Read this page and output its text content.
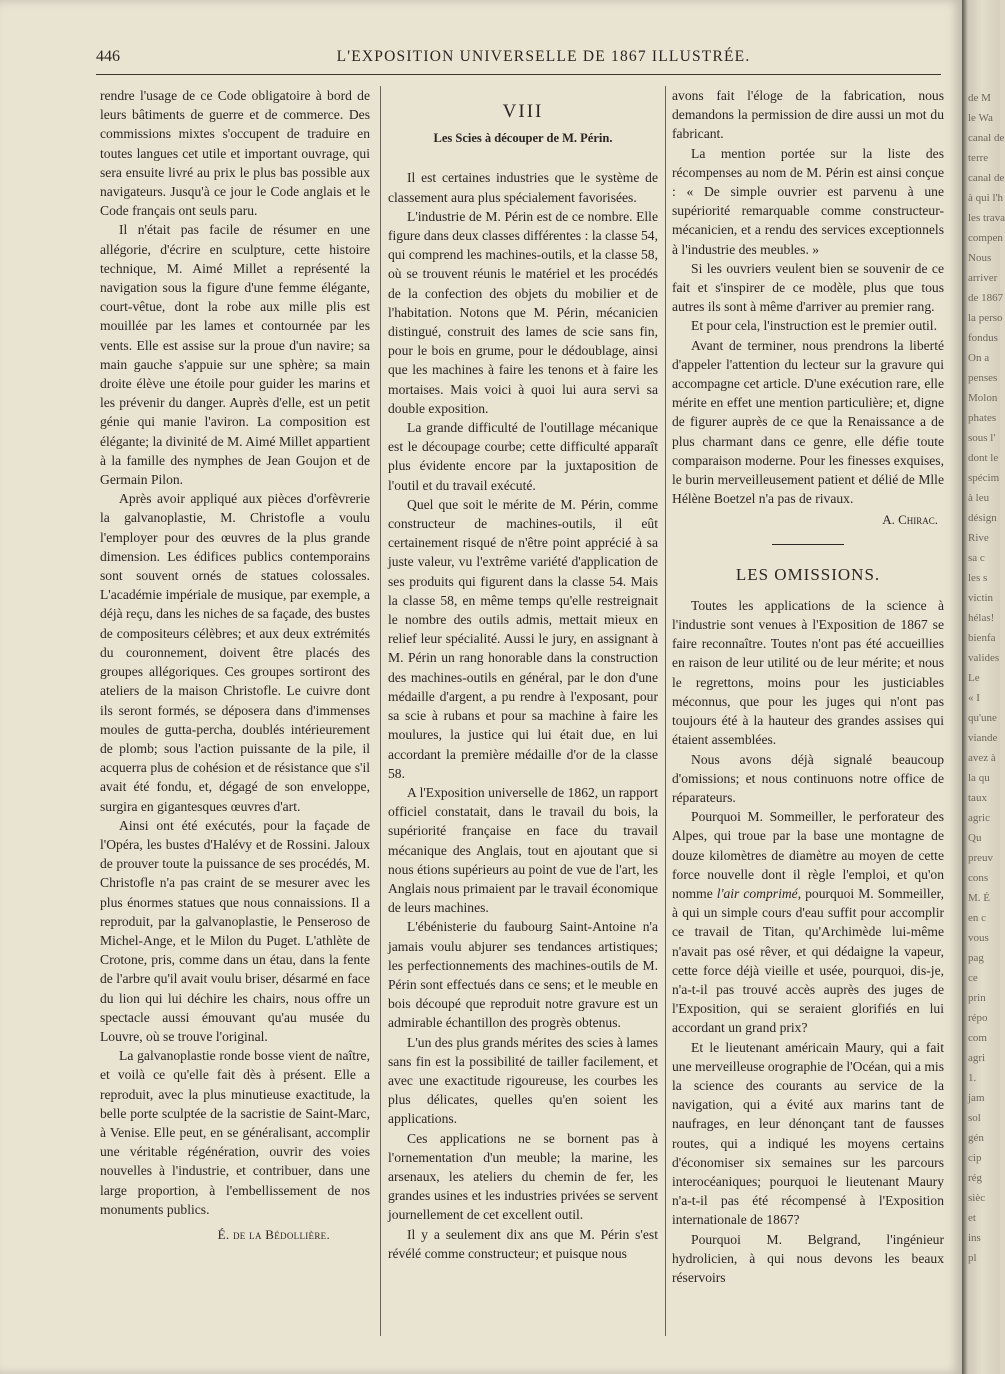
446	L'EXPOSITION UNIVERSELLE DE 1867 ILLUSTRÉE.

rendre l'usage de ce Code obligatoire à bord de leurs bâtiments de guerre et de commerce. Des commissions mixtes s'occupent de traduire en toutes langues cet utile et important ouvrage, qui sera ensuite livré au prix le plus bas possible aux navigateurs. Jusqu'à ce jour le Code anglais et le Code français ont seuls paru.

Il n'était pas facile de résumer en une allégorie, d'écrire en sculpture, cette histoire technique, M. Aimé Millet a représenté la navigation sous la figure d'une femme élégante, court-vêtue, dont la robe aux mille plis est mouillée par les lames et contournée par les vents. Elle est assise sur la proue d'un navire; sa main gauche s'appuie sur une sphère; sa main droite élève une étoile pour guider les marins et les prévenir du danger. Auprès d'elle, est un petit génie qui manie l'aviron. La composition est élégante; la divinité de M. Aimé Millet appartient à la famille des nymphes de Jean Goujon et de Germain Pilon.

Après avoir appliqué aux pièces d'orfèvrerie la galvanoplastie, M. Christofle a voulu l'employer pour des œuvres de la plus grande dimension. Les édifices publics contemporains sont souvent ornés de statues colossales. L'académie impériale de musique, par exemple, a déjà reçu, dans les niches de sa façade, des bustes de compositeurs célèbres; et aux deux extrémités du couronnement, doivent être placés des groupes allégoriques. Ces groupes sortiront des ateliers de la maison Christofle. Le cuivre dont ils seront formés, se déposera dans d'immenses moules de gutta-percha, doublés intérieurement de plomb; sous l'action puissante de la pile, il acquerra plus de cohésion et de résistance que s'il avait été fondu, et, dégagé de son enveloppe, surgira en gigantesques œuvres d'art.

Ainsi ont été exécutés, pour la façade de l'Opéra, les bustes d'Halévy et de Rossini. Jaloux de prouver toute la puissance de ses procédés, M. Christofle n'a pas craint de se mesurer avec les plus énormes statues que nous connaissions. Il a reproduit, par la galvanoplastie, le Penseroso de Michel-Ange, et le Milon du Puget. L'athlète de Crotone, pris, comme dans un étau, dans la fente de l'arbre qu'il avait voulu briser, désarmé en face du lion qui lui déchire les chairs, nous offre un spectacle aussi émouvant qu'au musée du Louvre, où se trouve l'original.

La galvanoplastie ronde bosse vient de naître, et voilà ce qu'elle fait dès à présent. Elle a reproduit, avec la plus minutieuse exactitude, la belle porte sculptée de la sacristie de Saint-Marc, à Venise. Elle peut, en se généralisant, accomplir une véritable régénération, ouvrir des voies nouvelles à l'industrie, et contribuer, dans une large proportion, à l'embellissement de nos monuments publics.

É. de la Bédollière.
VIII
Les Scies à découper de M. Périn.

Il est certaines industries que le système de classement aura plus spécialement favorisées.

L'industrie de M. Périn est de ce nombre. Elle figure dans deux classes différentes : la classe 54, qui comprend les machines-outils, et la classe 58, où se trouvent réunis le matériel et les procédés de la confection des objets du mobilier et de l'habitation. Notons que M. Périn, mécanicien distingué, construit des lames de scie sans fin, pour le bois en grume, pour le dédoublage, ainsi que les machines à faire les tenons et à faire les mortaises. Mais voici à quoi lui aura servi sa double exposition.

La grande difficulté de l'outillage mécanique est le découpage courbe; cette difficulté apparaît plus évidente encore par la juxtaposition de l'outil et du travail exécuté.

Quel que soit le mérite de M. Périn, comme constructeur de machines-outils, il eût certainement risqué de n'être point apprécié à sa juste valeur, vu l'extrême variété d'application de ses produits qui figurent dans la classe 54. Mais la classe 58, en même temps qu'elle restreignait le nombre des outils admis, mettait mieux en relief leur spécialité. Aussi le jury, en assignant à M. Périn un rang honorable dans la construction des machines-outils en général, par le don d'une médaille d'argent, a pu rendre à l'exposant, pour sa scie à rubans et pour sa machine à faire les moulures, la justice qui lui était due, en lui accordant la première médaille d'or de la classe 58.

A l'Exposition universelle de 1862, un rapport officiel constatait, dans le travail du bois, la supériorité française en face du travail mécanique des Anglais, tout en ajoutant que si nous étions supérieurs au point de vue de l'art, les Anglais nous primaient par le travail économique de leurs machines.

L'ébénisterie du faubourg Saint-Antoine n'a jamais voulu abjurer ses tendances artistiques; les perfectionnements des machines-outils de M. Périn sont effectués dans ce sens; et le meuble en bois découpé que reproduit notre gravure est un admirable échantillon des progrès obtenus.

L'un des plus grands mérites des scies à lames sans fin est la possibilité de tailler facilement, et avec une exactitude rigoureuse, les courbes les plus délicates, quelles qu'en soient les applications.

Ces applications ne se bornent pas à l'ornementation d'un meuble; la marine, les arsenaux, les ateliers du chemin de fer, les grandes usines et les industries privées se servent journellement de cet excellent outil.

Il y a seulement dix ans que M. Périn s'est révélé comme constructeur; et puisque nous

avons fait l'éloge de la fabrication, nous demandons la permission de dire aussi un mot du fabricant.

La mention portée sur la liste des récompenses au nom de M. Périn est ainsi conçue : « De simple ouvrier est parvenu à une supériorité remarquable comme constructeur-mécanicien, et a rendu des services exceptionnels à l'industrie des meubles. »

Si les ouvriers veulent bien se souvenir de ce fait et s'inspirer de ce modèle, plus que tous autres ils sont à même d'arriver au premier rang.

Et pour cela, l'instruction est le premier outil.

Avant de terminer, nous prendrons la liberté d'appeler l'attention du lecteur sur la gravure qui accompagne cet article. D'une exécution rare, elle mérite en effet une mention particulière; et, digne de figurer auprès de ce que la Renaissance a de plus charmant dans ce genre, elle défie toute comparaison moderne. Pour les finesses exquises, le burin merveilleusement patient et délié de Mlle Hélène Boetzel n'a pas de rivaux.

A. Chirac.
LES OMISSIONS.

Toutes les applications de la science à l'industrie sont venues à l'Exposition de 1867 se faire reconnaître. Toutes n'ont pas été accueillies en raison de leur utilité ou de leur mérite; et nous le regrettons, moins pour les justiciables méconnus, que pour les juges qui n'ont pas toujours été à la hauteur des grandes assises qui étaient assemblées.

Nous avons déjà signalé beaucoup d'omissions; et nous continuons notre office de réparateurs.

Pourquoi M. Sommeiller, le perforateur des Alpes, qui troue par la base une montagne de douze kilomètres de diamètre au moyen de cette force nouvelle dont il règle l'emploi, et qu'on nomme l'air comprimé, pourquoi M. Sommeiller, à qui un simple cours d'eau suffit pour accomplir ce travail de Titan, qu'Archimède lui-même n'avait pas osé rêver, et qui dédaigne la vapeur, cette force déjà vieille et usée, pourquoi, dis-je, n'a-t-il pas trouvé accès auprès des juges de l'Exposition, qui se seraient glorifiés en lui accordant un grand prix?

Et le lieutenant américain Maury, qui a fait une merveilleuse orographie de l'Océan, qui a mis la science des courants au service de la navigation, qui a évité aux marins tant de naufrages, en leur dénonçant tant de fausses routes, qui a indiqué les moyens certains d'économiser six semaines sur les parcours interocéaniques; pourquoi le lieutenant Maury n'a-t-il pas été récompensé à l'Exposition internationale de 1867?

Pourquoi M. Belgrand, l'ingénieur hydrolicien, à qui nous devons les beaux réservoirs

de M
le Wa
canal de
terre
canal de
à qui l'h
les trava
compen
Nous
arriver
de 1867
la perso
fondus
On a
penses
Molon
phates
sous l'
dont le
spécim
à leu
désign
Rive
sa c
les s
victin
hélas!
bienfa
valides
Le
« I
qu'une
viande
avez à
la qu
taux
agric
Qu
preuv
cons
M. É
en c
vous
pag
ce
prin
répo
com
agri
1.
jam
sol
gén
cip
rég
sièc
et
ins
pl
